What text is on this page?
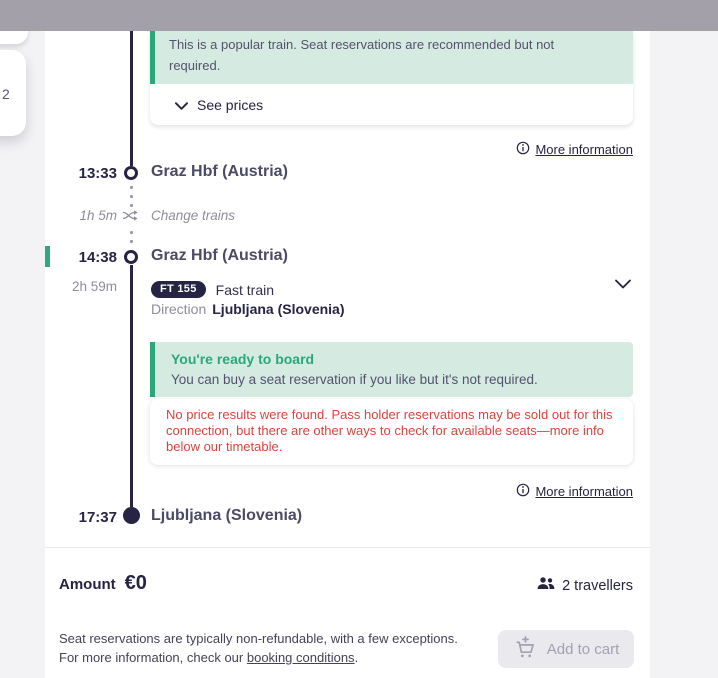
2
This is a popular train. Seat reservations are recommended but not required.
See prices
More information
13:33 Graz Hbf (Austria)
1h 5m	Change trains
14:38 Graz Hbf (Austria)
2h 59m	FT 155	Fast train
Direction Ljubljana (Slovenia)
You're ready to board
You can buy a seat reservation if you like but it's not required.
No price results were found. Pass holder reservations may be sold out for this connection, but there are other ways to check for available seats—more info below our timetable.
More information
17:37 Ljubljana (Slovenia)
Amount €0	2 travellers
Seat reservations are typically non-refundable, with a few exceptions.
For more information, check our booking conditions.	Add to cart
